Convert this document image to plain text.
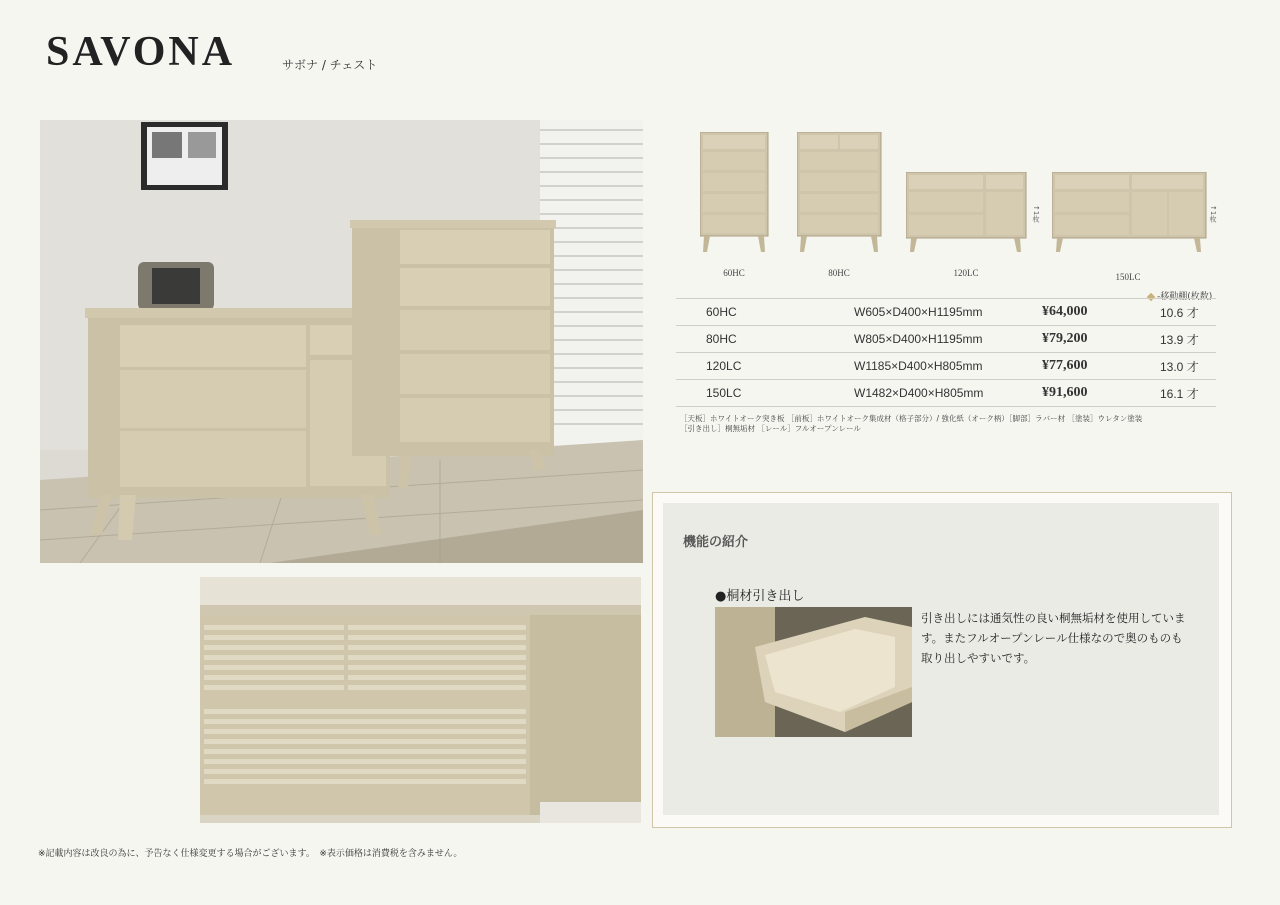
SAVONA	サボナ / チェスト
↑1枚	↑1枚
60HC	80HC	120LC	150LC
-移動棚(枚数)
60HC	W605×D400×H1195mm	¥64,000	10.6 才
80HC	W805×D400×H1195mm	¥79,200	13.9 才
120LC	W1185×D400×H805mm	¥77,600	13.0 才
150LC	W1482×D400×H805mm	¥91,600	16.1 才
［天板］ホワイトオーク突き板 ［前板］ホワイトオーク集成材（格子部分）/ 強化紙（オーク柄）［脚部］ラバー材 ［塗装］ウレタン塗装
［引き出し］桐無垢材 ［レール］フルオープンレール
機能の紹介
●桐材引き出し
引き出しには通気性の良い桐無垢材を使用しています。またフルオープンレール仕様なので奥のものも取り出しやすいです。
※記載内容は改良の為に、予告なく仕様変更する場合がございます。　※表示価格は消費税を含みません。
